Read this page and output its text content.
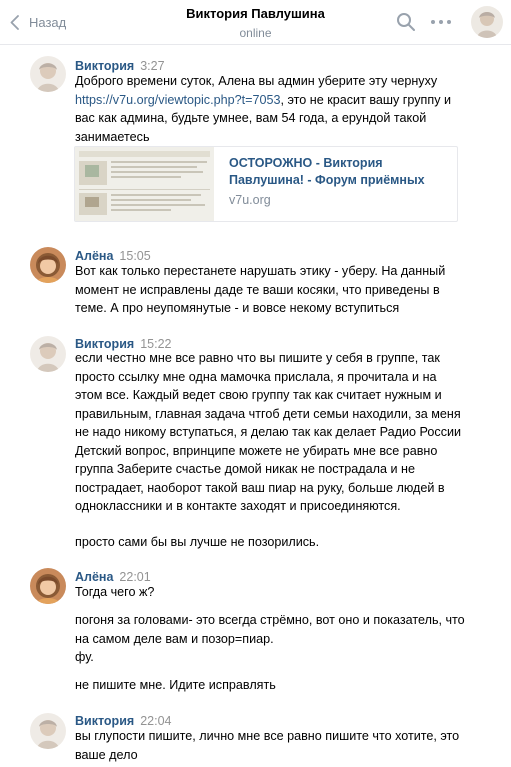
Назад
Виктория Павлушина
online
Виктория 3:27
Доброго времени суток, Алена вы админ уберите эту чернуху https://v7u.org/viewtopic.php?t=7053, это не красит вашу группу и вас как админа, будьте умнее, вам 54 года, а ерундой такой занимаетесь
ОСТОРОЖНО - Виктория Павлушина! - Форум приёмных
v7u.org
Алёна 15:05
Вот как только перестанете нарушать этику - уберу. На данный момент не исправлены даде те ваши косяки, что приведены в теме. А про неупомянутые - и вовсе некому вступиться
Виктория 15:22
если честно мне все равно что вы пишите у себя в группе, так просто ссылку мне одна мамочка прислала, я прочитала и на этом все. Каждый ведет свою группу так как считает нужным и правильным, главная задача чтгоб дети семьи находили, за меня не надо никому вступаться, я делаю так как делает Радио России Детский вопрос, впринципе можете не убирать мне все равно группа Заберите счастье домой никак не пострадала и не пострадает, наоборот такой ваш пиар на руку, больше людей в одноклассники и в контакте заходят и присоединяются.
просто сами бы вы лучше не позорились.
Алёна 22:01
Тогда чего ж?
погоня за головами- это всегда стрёмно, вот оно и показатель, что на самом деле вам и позор=пиар.
фу.
не пишите мне. Идите исправлять
Виктория 22:04
вы глупости пишите, лично мне все равно пишите что хотите, это ваше дело
